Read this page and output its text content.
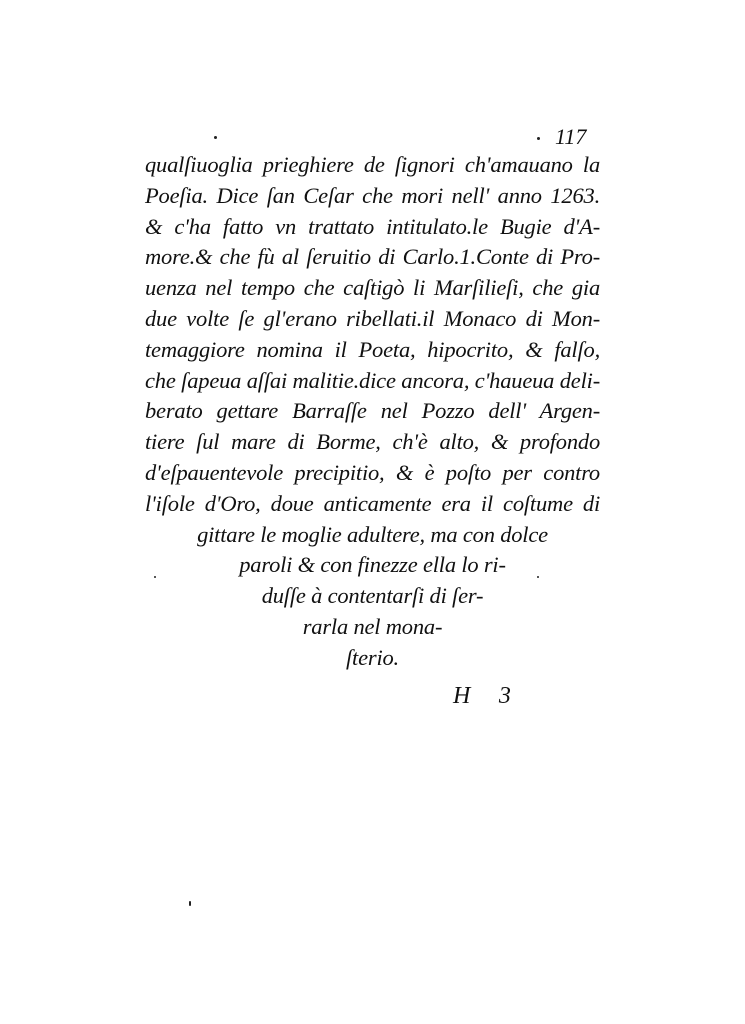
117
qualſiuoglia prieghiere de ſignori ch'amauano la
Poeſia. Dice ſan Ceſar che mori nell' anno 1263.
& c'ha fatto vn trattato intitulato.le Bugie d'A-
more.& che fù al ſeruitio di Carlo.1.Conte di Pro-
uenza nel tempo che caſtigò li Marſilieſi, che gia
due volte ſe gl'erano ribellati.il Monaco di Mon-
temaggiore nomina il Poeta, hipocrito, & falſo,
che ſapeua aſſai malitie.dice ancora, c'haueua deli-
berato gettare Barraſſe nel Pozzo dell' Argen-
tiere ſul mare di Borme, ch'è alto, & profondo
d'eſpauentevole precipitio, & è poſto per contro
l'iſole d'Oro, doue anticamente era il coſtume di
gittare le moglie adultere, ma con dolce
paroli & con finezze ella lo ri-
duſſe à contentarſi di ſer-
rarla nel mona-
ſterio.
H 3
